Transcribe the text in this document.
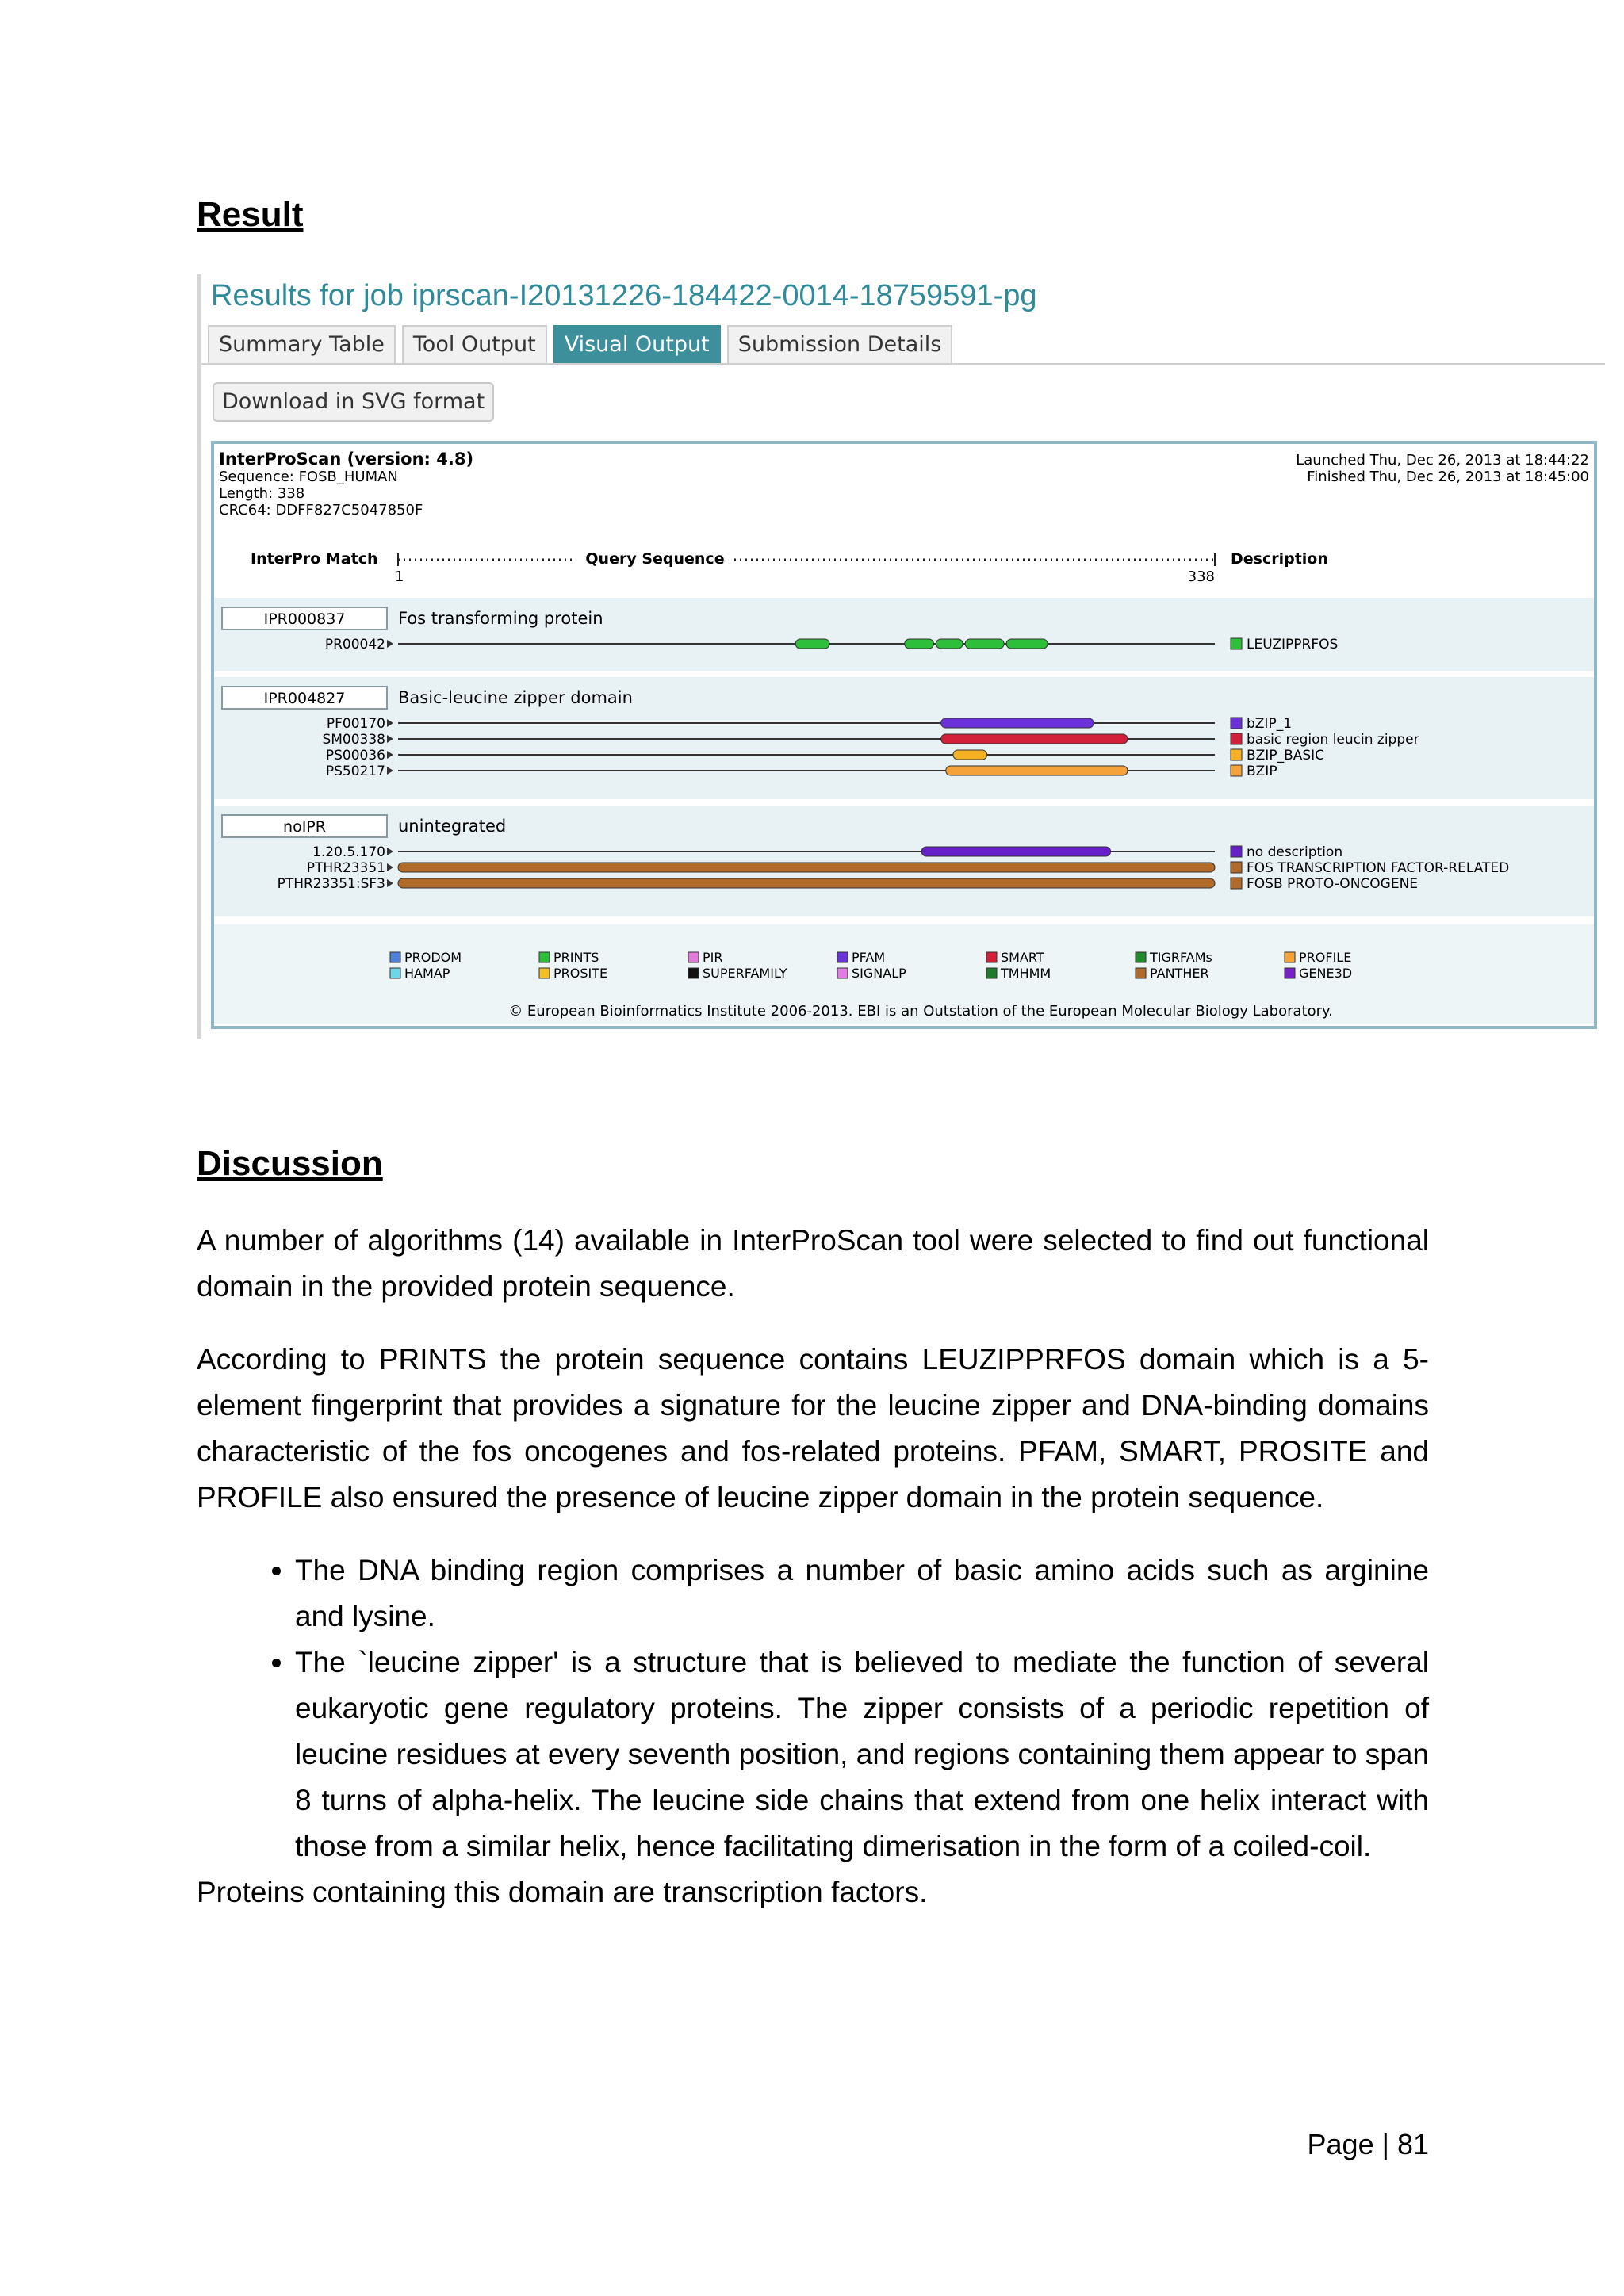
Result
Results for job iprscan-I20131226-184422-0014-18759591-pg
Summary Table	Tool Output	Visual Output	Submission Details
Download in SVG format
InterProScan (version: 4.8)
Sequence: FOSB_HUMAN
Length: 338
CRC64: DDFF827C5047850F
Launched Thu, Dec 26, 2013 at 18:44:22
Finished Thu, Dec 26, 2013 at 18:45:00
InterPro Match	Query Sequence	Description
1	338
IPR000837	Fos transforming protein
PR00042	LEUZIPPRFOS
IPR004827	Basic-leucine zipper domain
PF00170	bZIP_1
SM00338	basic region leucin zipper
PS00036	BZIP_BASIC
PS50217	BZIP
noIPR	unintegrated
1.20.5.170	no description
PTHR23351	FOS TRANSCRIPTION FACTOR-RELATED
PTHR23351:SF3	FOSB PROTO-ONCOGENE
PRODOM
HAMAP
PRINTS
PROSITE
PIR
SUPERFAMILY
PFAM
SIGNALP
SMART
TMHMM
TIGRFAMs
PANTHER
PROFILE
GENE3D
© European Bioinformatics Institute 2006-2013. EBI is an Outstation of the European Molecular Biology Laboratory.
Discussion

A number of algorithms (14) available in InterProScan tool were selected to find out functional domain in the provided protein sequence.

According to PRINTS the protein sequence contains LEUZIPPRFOS domain which is a 5-element fingerprint that provides a signature for the leucine zipper and DNA-binding domains characteristic of the fos oncogenes and fos-related proteins. PFAM, SMART, PROSITE and PROFILE also ensured the presence of leucine zipper domain in the protein sequence.

• The DNA binding region comprises a number of basic amino acids such as arginine and lysine.
• The `leucine zipper' is a structure that is believed to mediate the function of several eukaryotic gene regulatory proteins. The zipper consists of a periodic repetition of leucine residues at every seventh position, and regions containing them appear to span 8 turns of alpha-helix. The leucine side chains that extend from one helix interact with those from a similar helix, hence facilitating dimerisation in the form of a coiled-coil.

Proteins containing this domain are transcription factors.

Page | 81
